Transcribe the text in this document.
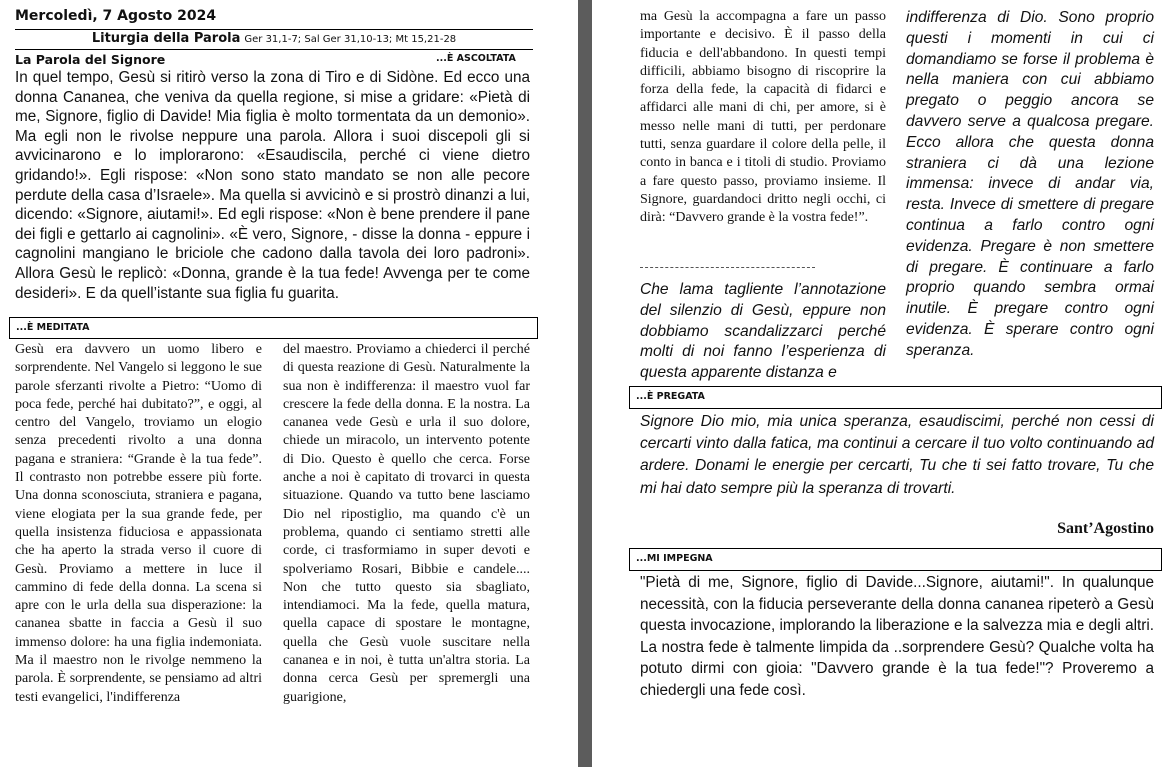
Mercoledì, 7 Agosto 2024
Liturgia della Parola Ger 31,1-7; Sal Ger 31,10-13; Mt 15,21-28
La Parola del Signore	...È ASCOLTATA

In quel tempo, Gesù si ritirò verso la zona di Tiro e di Sidòne. Ed ecco una donna Cananea, che veniva da quella regione, si mise a gridare: «Pietà di me, Signore, figlio di Davide! Mia figlia è molto tormentata da un demonio». Ma egli non le rivolse neppure una parola. Allora i suoi discepoli gli si avvicinarono e lo implorarono: «Esaudiscila, perché ci viene dietro gridando!». Egli rispose: «Non sono stato mandato se non alle pecore perdute della casa d’Israele». Ma quella si avvicinò e si prostrò dinanzi a lui, dicendo: «Signore, aiutami!». Ed egli rispose: «Non è bene prendere il pane dei figli e gettarlo ai cagnolini». «È vero, Signore, - disse la donna - eppure i cagnolini mangiano le briciole che cadono dalla tavola dei loro padroni». Allora Gesù le replicò: «Donna, grande è la tua fede! Avvenga per te come desideri». E da quell’istante sua figlia fu guarita.

...È MEDITATA

Gesù era davvero un uomo libero e sorprendente. Nel Vangelo si leggono le sue parole sferzanti rivolte a Pietro: “Uomo di poca fede, perché hai dubitato?”, e oggi, al centro del Vangelo, troviamo un elogio senza precedenti rivolto a una donna pagana e straniera: “Grande è la tua fede”. Il contrasto non potrebbe essere più forte. Una donna sconosciuta, straniera e pagana, viene elogiata per la sua grande fede, per quella insistenza fiduciosa e appassionata che ha aperto la strada verso il cuore di Gesù. Proviamo a mettere in luce il cammino di fede della donna. La scena si apre con le urla della sua disperazione: la cananea sbatte in faccia a Gesù il suo immenso dolore: ha una figlia indemoniata. Ma il maestro non le rivolge nemmeno la parola. È sorprendente, se pensiamo ad altri testi evangelici, l'indifferenza

del maestro. Proviamo a chiederci il perché di questa reazione di Gesù. Naturalmente la sua non è indifferenza: il maestro vuol far crescere la fede della donna. E la nostra. La cananea vede Gesù e urla il suo dolore, chiede un miracolo, un intervento potente di Dio. Questo è quello che cerca. Forse anche a noi è capitato di trovarci in questa situazione. Quando va tutto bene lasciamo Dio nel ripostiglio, ma quando c'è un problema, quando ci sentiamo stretti alle corde, ci trasformiamo in super devoti e spolveriamo Rosari, Bibbie e candele.... Non che tutto questo sia sbagliato, intendiamoci. Ma la fede, quella matura, quella capace di spostare le montagne, quella che Gesù vuole suscitare nella cananea e in noi, è tutta un'altra storia. La donna cerca Gesù per spremergli una guarigione,

ma Gesù la accompagna a fare un passo importante e decisivo. È il passo della fiducia e dell'abbandono. In questi tempi difficili, abbiamo bisogno di riscoprire la forza della fede, la capacità di fidarci e affidarci alle mani di chi, per amore, si è messo nelle mani di tutti, per perdonare tutti, senza guardare il colore della pelle, il conto in banca e i titoli di studio. Proviamo a fare questo passo, proviamo insieme. Il Signore, guardandoci dritto negli occhi, ci dirà: “Davvero grande è la vostra fede!”.

Che lama tagliente l’annotazione del silenzio di Gesù, eppure non dobbiamo scandalizzarci perché molti di noi fanno l’esperienza di questa apparente distanza e

indifferenza di Dio. Sono proprio questi i momenti in cui ci domandiamo se forse il problema è nella maniera con cui abbiamo pregato o peggio ancora se davvero serve a qualcosa pregare. Ecco allora che questa donna straniera ci dà una lezione immensa: invece di andar via, resta. Invece di smettere di pregare continua a farlo contro ogni evidenza. Pregare è non smettere di pregare. È continuare a farlo proprio quando sembra ormai inutile. È pregare contro ogni evidenza. È sperare contro ogni speranza.

...È PREGATA

Signore Dio mio, mia unica speranza, esaudiscimi, perché non cessi di cercarti vinto dalla fatica, ma continui a cercare il tuo volto continuando ad ardere. Donami le energie per cercarti, Tu che ti sei fatto trovare, Tu che mi hai dato sempre più la speranza di trovarti.

Sant’Agostino
...MI IMPEGNA

"Pietà di me, Signore, figlio di Davide...Signore, aiutami!". In qualunque necessità, con la fiducia perseverante della donna cananea ripeterò a Gesù questa invocazione, implorando la liberazione e la salvezza mia e degli altri. La nostra fede è talmente limpida da ..sorprendere Gesù? Qualche volta ha potuto dirmi con gioia: "Davvero grande è la tua fede!"? Proveremo a chiedergli una fede così.
